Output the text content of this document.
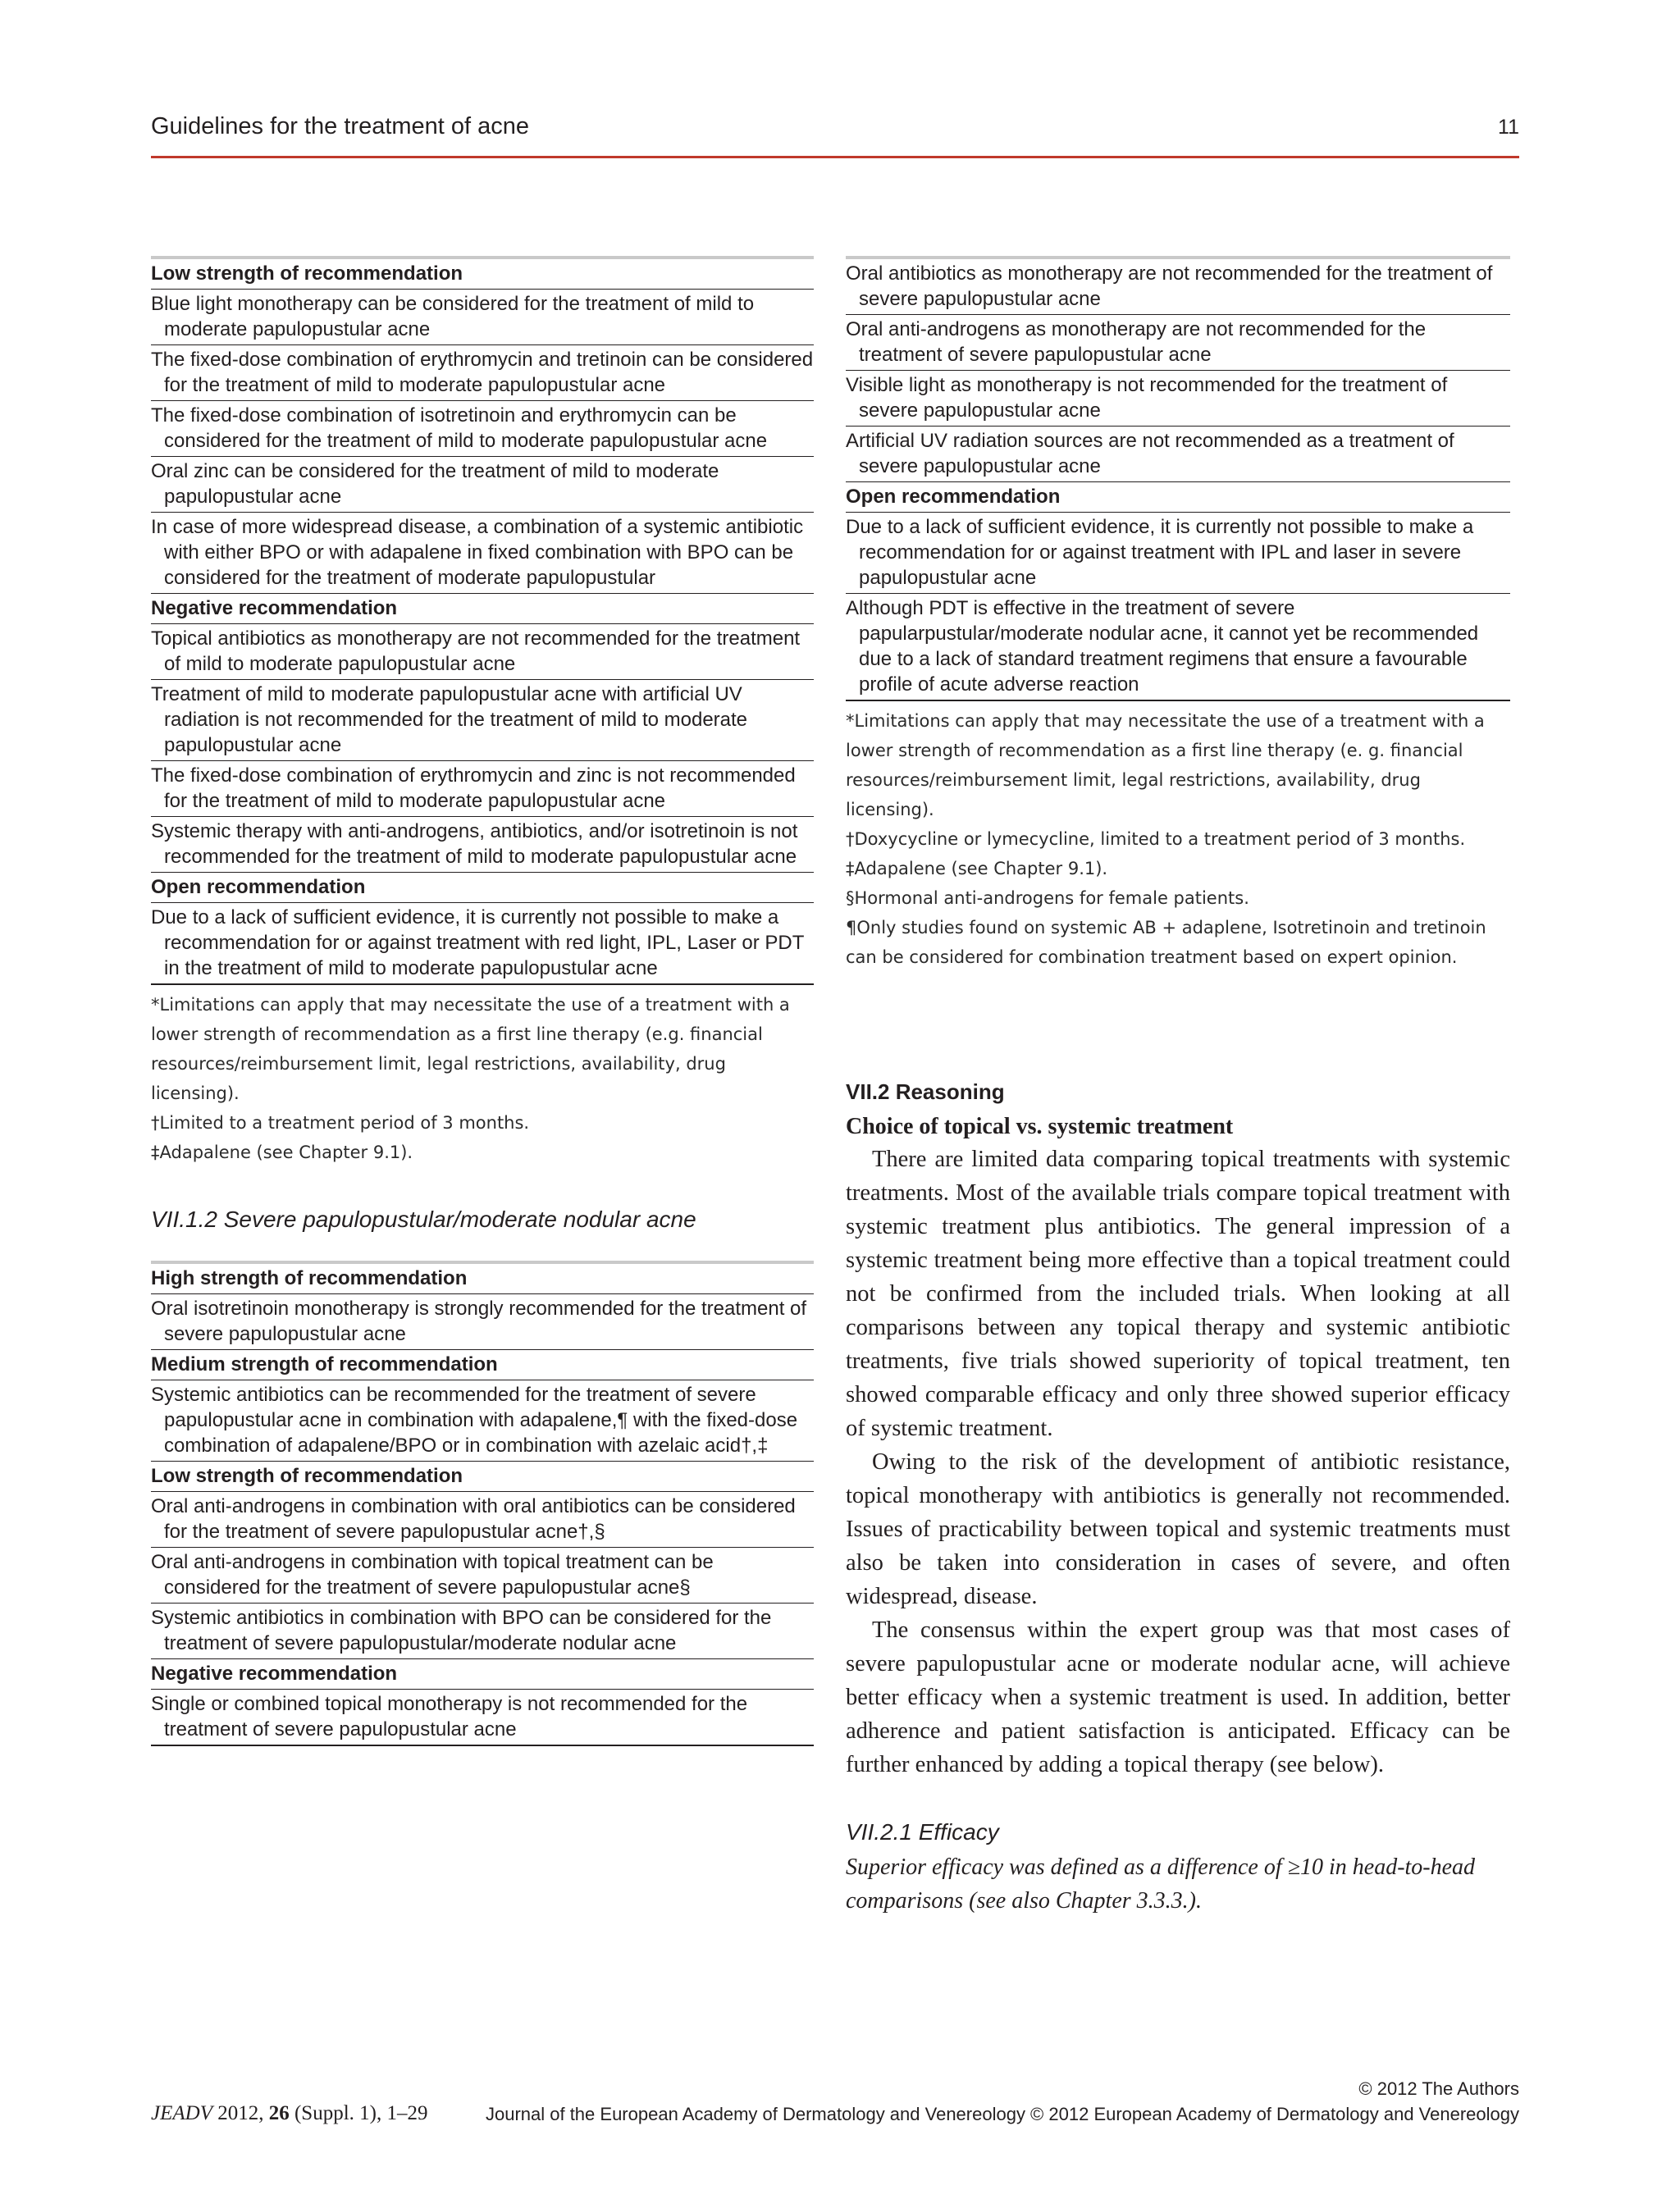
Guidelines for the treatment of acne	11
Low strength of recommendation
Blue light monotherapy can be considered for the treatment of mild to moderate papulopustular acne
The fixed-dose combination of erythromycin and tretinoin can be considered for the treatment of mild to moderate papulopustular acne
The fixed-dose combination of isotretinoin and erythromycin can be considered for the treatment of mild to moderate papulopustular acne
Oral zinc can be considered for the treatment of mild to moderate papulopustular acne
In case of more widespread disease, a combination of a systemic antibiotic with either BPO or with adapalene in fixed combination with BPO can be considered for the treatment of moderate papulopustular
Negative recommendation
Topical antibiotics as monotherapy are not recommended for the treatment of mild to moderate papulopustular acne
Treatment of mild to moderate papulopustular acne with artificial UV radiation is not recommended for the treatment of mild to moderate papulopustular acne
The fixed-dose combination of erythromycin and zinc is not recommended for the treatment of mild to moderate papulopustular acne
Systemic therapy with anti-androgens, antibiotics, and/or isotretinoin is not recommended for the treatment of mild to moderate papulopustular acne
Open recommendation
Due to a lack of sufficient evidence, it is currently not possible to make a recommendation for or against treatment with red light, IPL, Laser or PDT in the treatment of mild to moderate papulopustular acne
*Limitations can apply that may necessitate the use of a treatment with a lower strength of recommendation as a first line therapy (e.g. financial resources/reimbursement limit, legal restrictions, availability, drug licensing).
†Limited to a treatment period of 3 months.
‡Adapalene (see Chapter 9.1).
VII.1.2 Severe papulopustular/moderate nodular acne
High strength of recommendation
Oral isotretinoin monotherapy is strongly recommended for the treatment of severe papulopustular acne
Medium strength of recommendation
Systemic antibiotics can be recommended for the treatment of severe papulopustular acne in combination with adapalene,¶ with the fixed-dose combination of adapalene/BPO or in combination with azelaic acid†,‡
Low strength of recommendation
Oral anti-androgens in combination with oral antibiotics can be considered for the treatment of severe papulopustular acne†,§
Oral anti-androgens in combination with topical treatment can be considered for the treatment of severe papulopustular acne§
Systemic antibiotics in combination with BPO can be considered for the treatment of severe papulopustular/moderate nodular acne
Negative recommendation
Single or combined topical monotherapy is not recommended for the treatment of severe papulopustular acne
Oral antibiotics as monotherapy are not recommended for the treatment of severe papulopustular acne
Oral anti-androgens as monotherapy are not recommended for the treatment of severe papulopustular acne
Visible light as monotherapy is not recommended for the treatment of severe papulopustular acne
Artificial UV radiation sources are not recommended as a treatment of severe papulopustular acne
Open recommendation
Due to a lack of sufficient evidence, it is currently not possible to make a recommendation for or against treatment with IPL and laser in severe papulopustular acne
Although PDT is effective in the treatment of severe papularpustular/moderate nodular acne, it cannot yet be recommended due to a lack of standard treatment regimens that ensure a favourable profile of acute adverse reaction
*Limitations can apply that may necessitate the use of a treatment with a lower strength of recommendation as a first line therapy (e. g. financial resources/reimbursement limit, legal restrictions, availability, drug licensing).
†Doxycycline or lymecycline, limited to a treatment period of 3 months.
‡Adapalene (see Chapter 9.1).
§Hormonal anti-androgens for female patients.
¶Only studies found on systemic AB + adaplene, Isotretinoin and tretinoin can be considered for combination treatment based on expert opinion.
VII.2 Reasoning
Choice of topical vs. systemic treatment

There are limited data comparing topical treatments with systemic treatments. Most of the available trials compare topical treatment with systemic treatment plus antibiotics. The general impression of a systemic treatment being more effective than a topical treatment could not be confirmed from the included trials. When looking at all comparisons between any topical therapy and systemic antibiotic treatments, five trials showed superiority of topical treatment, ten showed comparable efficacy and only three showed superior efficacy of systemic treatment.

Owing to the risk of the development of antibiotic resistance, topical monotherapy with antibiotics is generally not recommended. Issues of practicability between topical and systemic treatments must also be taken into consideration in cases of severe, and often widespread, disease.

The consensus within the expert group was that most cases of severe papulopustular acne or moderate nodular acne, will achieve better efficacy when a systemic treatment is used. In addition, better adherence and patient satisfaction is anticipated. Efficacy can be further enhanced by adding a topical therapy (see below).

VII.2.1 Efficacy
Superior efficacy was defined as a difference of ≥10 in head-to-head comparisons (see also Chapter 3.3.3.).
© 2012 The Authors
JEADV 2012, 26 (Suppl. 1), 1–29	Journal of the European Academy of Dermatology and Venereology © 2012 European Academy of Dermatology and Venereology
